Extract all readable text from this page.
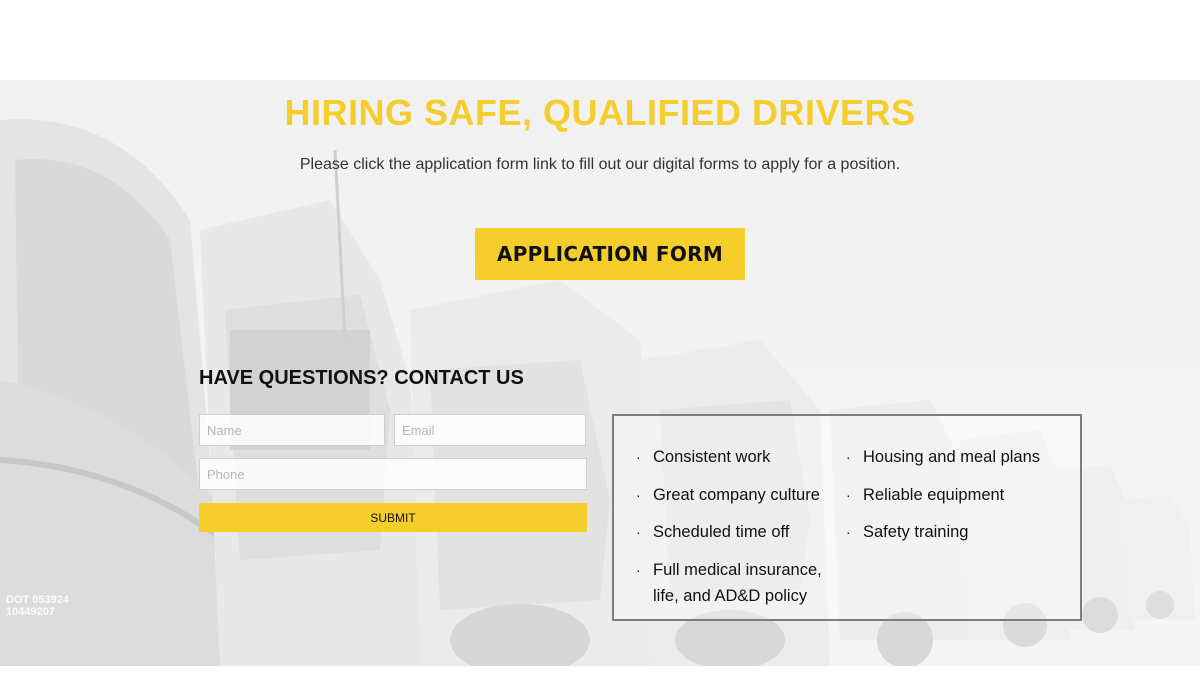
DOT 053924
10449207
HIRING SAFE, QUALIFIED DRIVERS

Please click the application form link to fill out our digital forms to apply for a position.

APPLICATION FORM
HAVE QUESTIONS? CONTACT US
Name
Email
Phone
SUBMIT
· Consistent work
· Great company culture
· Scheduled time off
· Full medical insurance, life, and AD&D policy
· Housing and meal plans
· Reliable equipment
· Safety training
